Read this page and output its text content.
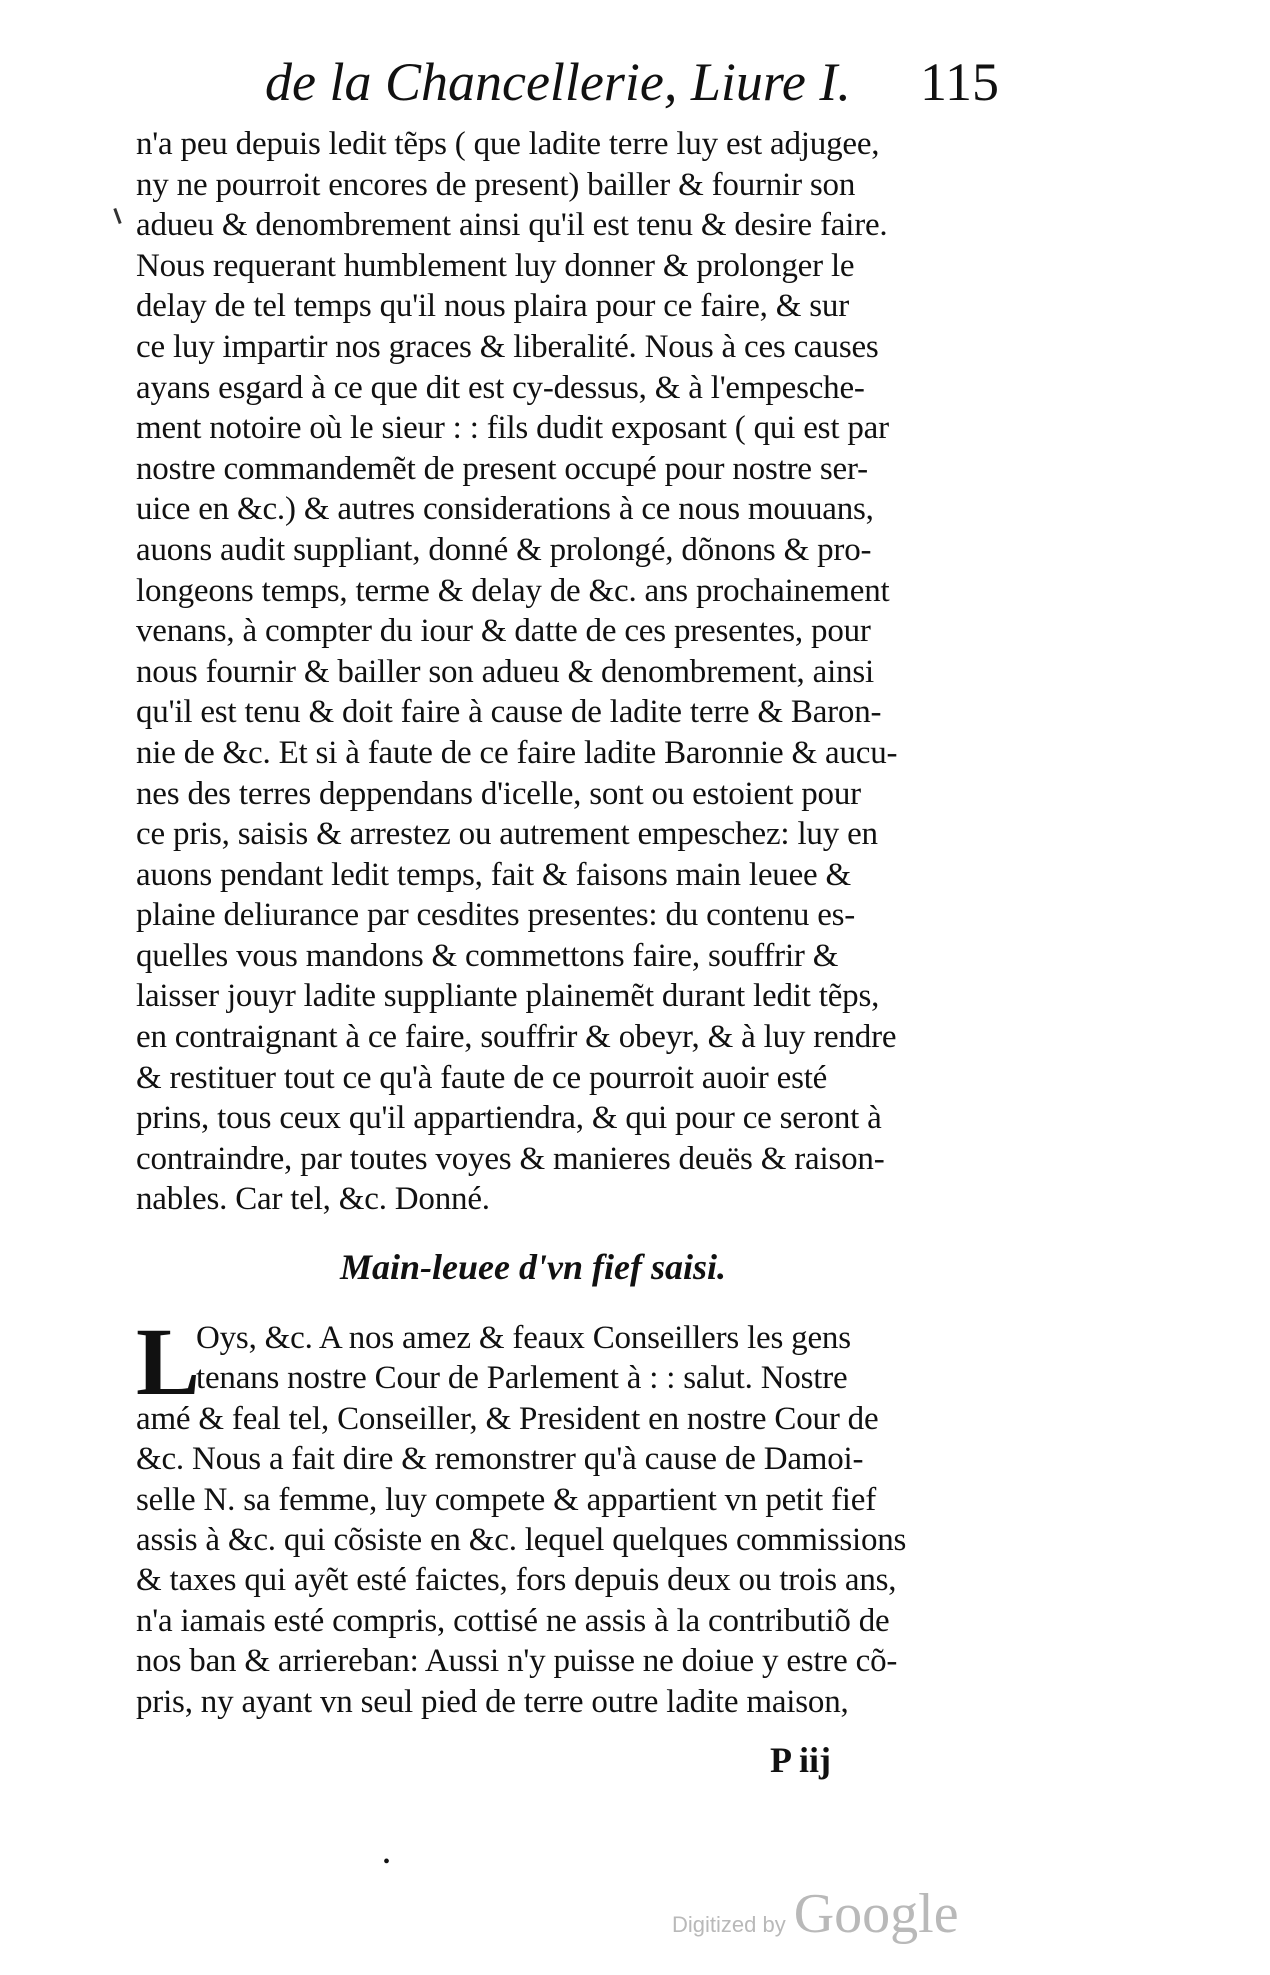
de la Chancellerie, Liure I. 115
n'a peu depuis ledit tẽps ( que ladite terre luy est adjugee,
ny ne pourroit encores de present) bailler & fournir son
adueu & denombrement ainsi qu'il est tenu & desire faire.
Nous requerant humblement luy donner & prolonger le
delay de tel temps qu'il nous plaira pour ce faire, & sur
ce luy impartir nos graces & liberalité. Nous à ces causes
ayans esgard à ce que dit est cy-dessus, & à l'empesche-
ment notoire où le sieur : : fils dudit exposant ( qui est par
nostre commandemẽt de present occupé pour nostre ser-
uice en &c.) & autres considerations à ce nous mouuans,
auons audit suppliant, donné & prolongé, dõnons & pro-
longeons temps, terme & delay de &c. ans prochainement
venans, à compter du iour & datte de ces presentes, pour
nous fournir & bailler son adueu & denombrement, ainsi
qu'il est tenu & doit faire à cause de ladite terre & Baron-
nie de &c. Et si à faute de ce faire ladite Baronnie & aucu-
nes des terres deppendans d'icelle, sont ou estoient pour
ce pris, saisis & arrestez ou autrement empeschez: luy en
auons pendant ledit temps, fait & faisons main leuee &
plaine deliurance par cesdites presentes: du contenu es-
quelles vous mandons & commettons faire, souffrir &
laisser jouyr ladite suppliante plainemẽt durant ledit tẽps,
en contraignant à ce faire, souffrir & obeyr, & à luy rendre
& restituer tout ce qu'à faute de ce pourroit auoir esté
prins, tous ceux qu'il appartiendra, & qui pour ce seront à
contraindre, par toutes voyes & manieres deuës & raison-
nables. Car tel, &c. Donné.
Main-leuee d'vn fief saisi.
L
Oys, &c. A nos amez & feaux Conseillers les gens
tenans nostre Cour de Parlement à : : salut. Nostre
amé & feal tel, Conseiller, & President en nostre Cour de
&c. Nous a fait dire & remonstrer qu'à cause de Damoi-
selle N. sa femme, luy compete & appartient vn petit fief
assis à &c. qui cõsiste en &c. lequel quelques commissions
& taxes qui ayẽt esté faictes, fors depuis deux ou trois ans,
n'a iamais esté compris, cottisé ne assis à la contributiõ de
nos ban & arriereban: Aussi n'y puisse ne doiue y estre cõ-
pris, ny ayant vn seul pied de terre outre ladite maison,
P iij
•
Digitized by Google
